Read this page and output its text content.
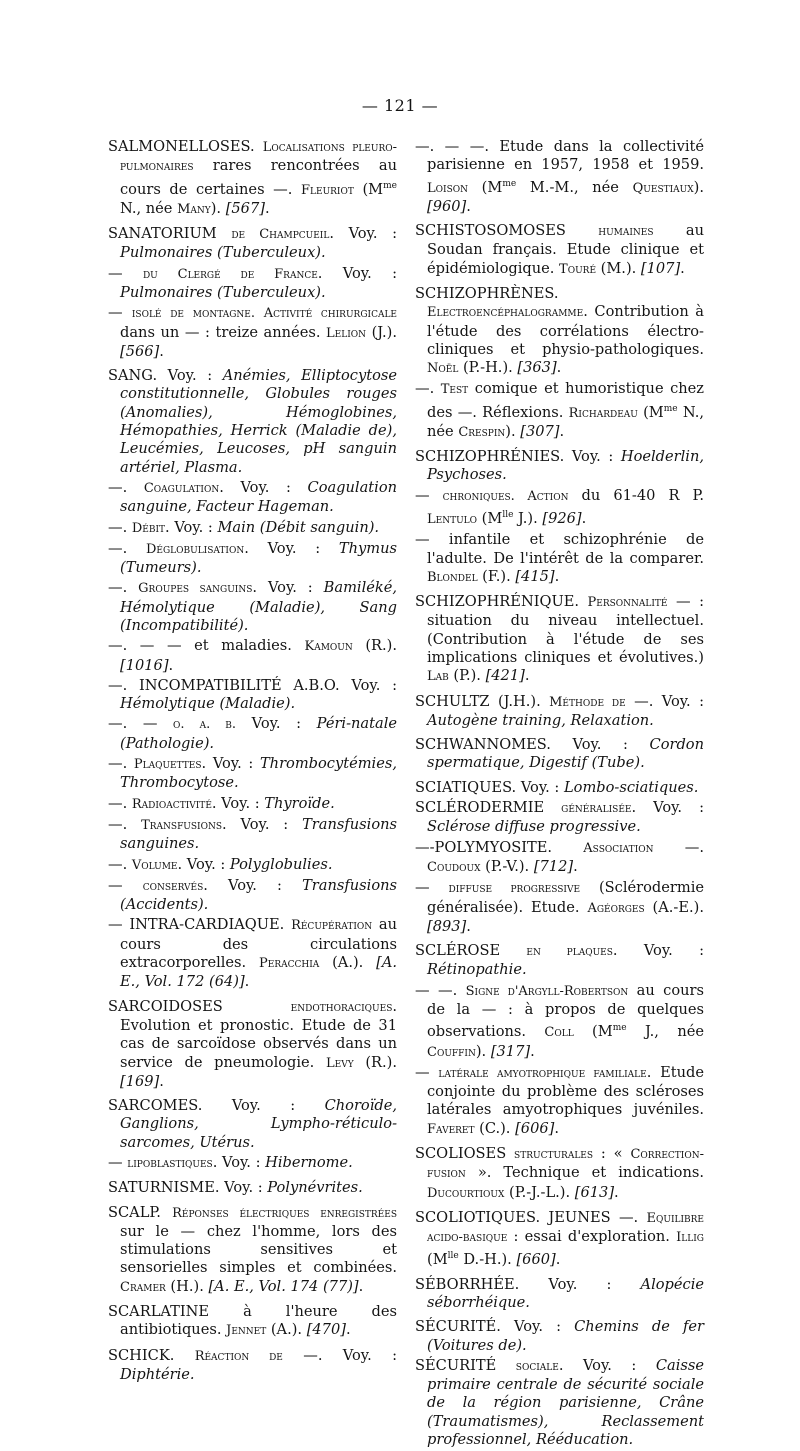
— 121 —

SALMONELLOSES. Localisations pleuro-pulmonaires rares rencontrées au cours de certaines —. Fleuriot ($M^{me}$ N., née Many). [567].

SANATORIUM de Champcueil. Voy. : Pulmonaires (Tuberculeux).

— du Clergé de France. Voy. : Pulmonaires (Tuberculeux).

— isolé de montagne. Activité chirurgicale dans un — : treize années. Lelion (J.). [566].

SANG. Voy. : Anémies, Elliptocytose constitutionnelle, Globules rouges (Anomalies), Hémoglobines, Hémopathies, Herrick (Maladie de), Leucémies, Leucoses, pH sanguin artériel, Plasma.

—. Coagulation. Voy. : Coagulation sanguine, Facteur Hageman.

—. Débit. Voy. : Main (Débit sanguin).

—. Déglobulisation. Voy. : Thymus (Tumeurs).

—. Groupes sanguins. Voy. : Bamiléké, Hémolytique (Maladie), Sang (Incompatibilité).

—. — — et maladies. Kamoun (R.). [1016].

—. INCOMPATIBILITÉ A.B.O. Voy. : Hémolytique (Maladie).

—. — o. a. b. Voy. : Péri-natale (Pathologie).

—. Plaquettes. Voy. : Thrombocytémies, Thrombocytose.

—. Radioactivité. Voy. : Thyroïde.

—. Transfusions. Voy. : Transfusions sanguines.

—. Volume. Voy. : Polyglobulies.

— conservés. Voy. : Transfusions (Accidents).

— INTRA-CARDIAQUE. Récupération au cours des circulations extracorporelles. Peracchia (A.). [A. E., Vol. 172 (64)].

SARCOIDOSES endothoraciques. Evolution et pronostic. Etude de 31 cas de sarcoïdose observés dans un service de pneumologie. Levy (R.). [169].

SARCOMES. Voy. : Choroïde, Ganglions, Lympho-réticulo-sarcomes, Utérus.

— lipoblastiques. Voy. : Hibernome.

SATURNISME. Voy. : Polynévrites.

SCALP. Réponses électriques enregistrées sur le — chez l'homme, lors des stimulations sensitives et sensorielles simples et combinées. Cramer (H.). [A. E., Vol. 174 (77)].

SCARLATINE à l'heure des antibiotiques. Jennet (A.). [470].

SCHICK. Réaction de —. Voy. : Diphtérie.

—. — —. Etude dans la collectivité parisienne en 1957, 1958 et 1959. Loison ($M^{me}$ M.-M., née Questiaux). [960].

SCHISTOSOMOSES humaines au Soudan français. Etude clinique et épidémiologique. Touré (M.). [107].

SCHIZOPHRÈNES. Electroencéphalogramme. Contribution à l'étude des corrélations électro-cliniques et physio-pathologiques. Noël (P.-H.). [363].

—. Test comique et humoristique chez des —. Réflexions. Richardeau ($M^{me}$ N., née Crespin). [307].

SCHIZOPHRÉNIES. Voy. : Hoelderlin, Psychoses.

— chroniques. Action du 61-40 R P. Lentulo ($M^{lle}$ J.). [926].

— infantile et schizophrénie de l'adulte. De l'intérêt de la comparer. Blondel (F.). [415].

SCHIZOPHRÉNIQUE. Personnalité — : situation du niveau intellectuel. (Contribution à l'étude de ses implications cliniques et évolutives.) Lab (P.). [421].

SCHULTZ (J.H.). Méthode de —. Voy. : Autogène training, Relaxation.

SCHWANNOMES. Voy. : Cordon spermatique, Digestif (Tube).

SCIATIQUES. Voy. : Lombo-sciatiques.

SCLÉRODERMIE généralisée. Voy. : Sclérose diffuse progressive.

—-POLYMYOSITE. Association —. Coudoux (P.-V.). [712].

— diffuse progressive (Sclérodermie généralisée). Etude. Agéorges (A.-E.). [893].

SCLÉROSE en plaques. Voy. : Rétinopathie.

— —. Signe d'Argyll-Robertson au cours de la — : à propos de quelques observations. Coll ($M^{me}$ J., née Couffin). [317].

— latérale amyotrophique familiale. Etude conjointe du problème des scléroses latérales amyotrophiques juvéniles. Faveret (C.). [606].

SCOLIOSES structurales : « Correction-fusion ». Technique et indications. Ducourtioux (P.-J.-L.). [613].

SCOLIOTIQUES. JEUNES —. Equilibre acido-basique : essai d'exploration. Illig ($M^{lle}$ D.-H.). [660].

SÉBORRHÉE. Voy. : Alopécie séborrhéique.

SÉCURITÉ. Voy. : Chemins de fer (Voitures de).

SÉCURITÉ sociale. Voy. : Caisse primaire centrale de sécurité sociale de la région parisienne, Crâne (Traumatismes), Reclassement professionnel, Rééducation.
